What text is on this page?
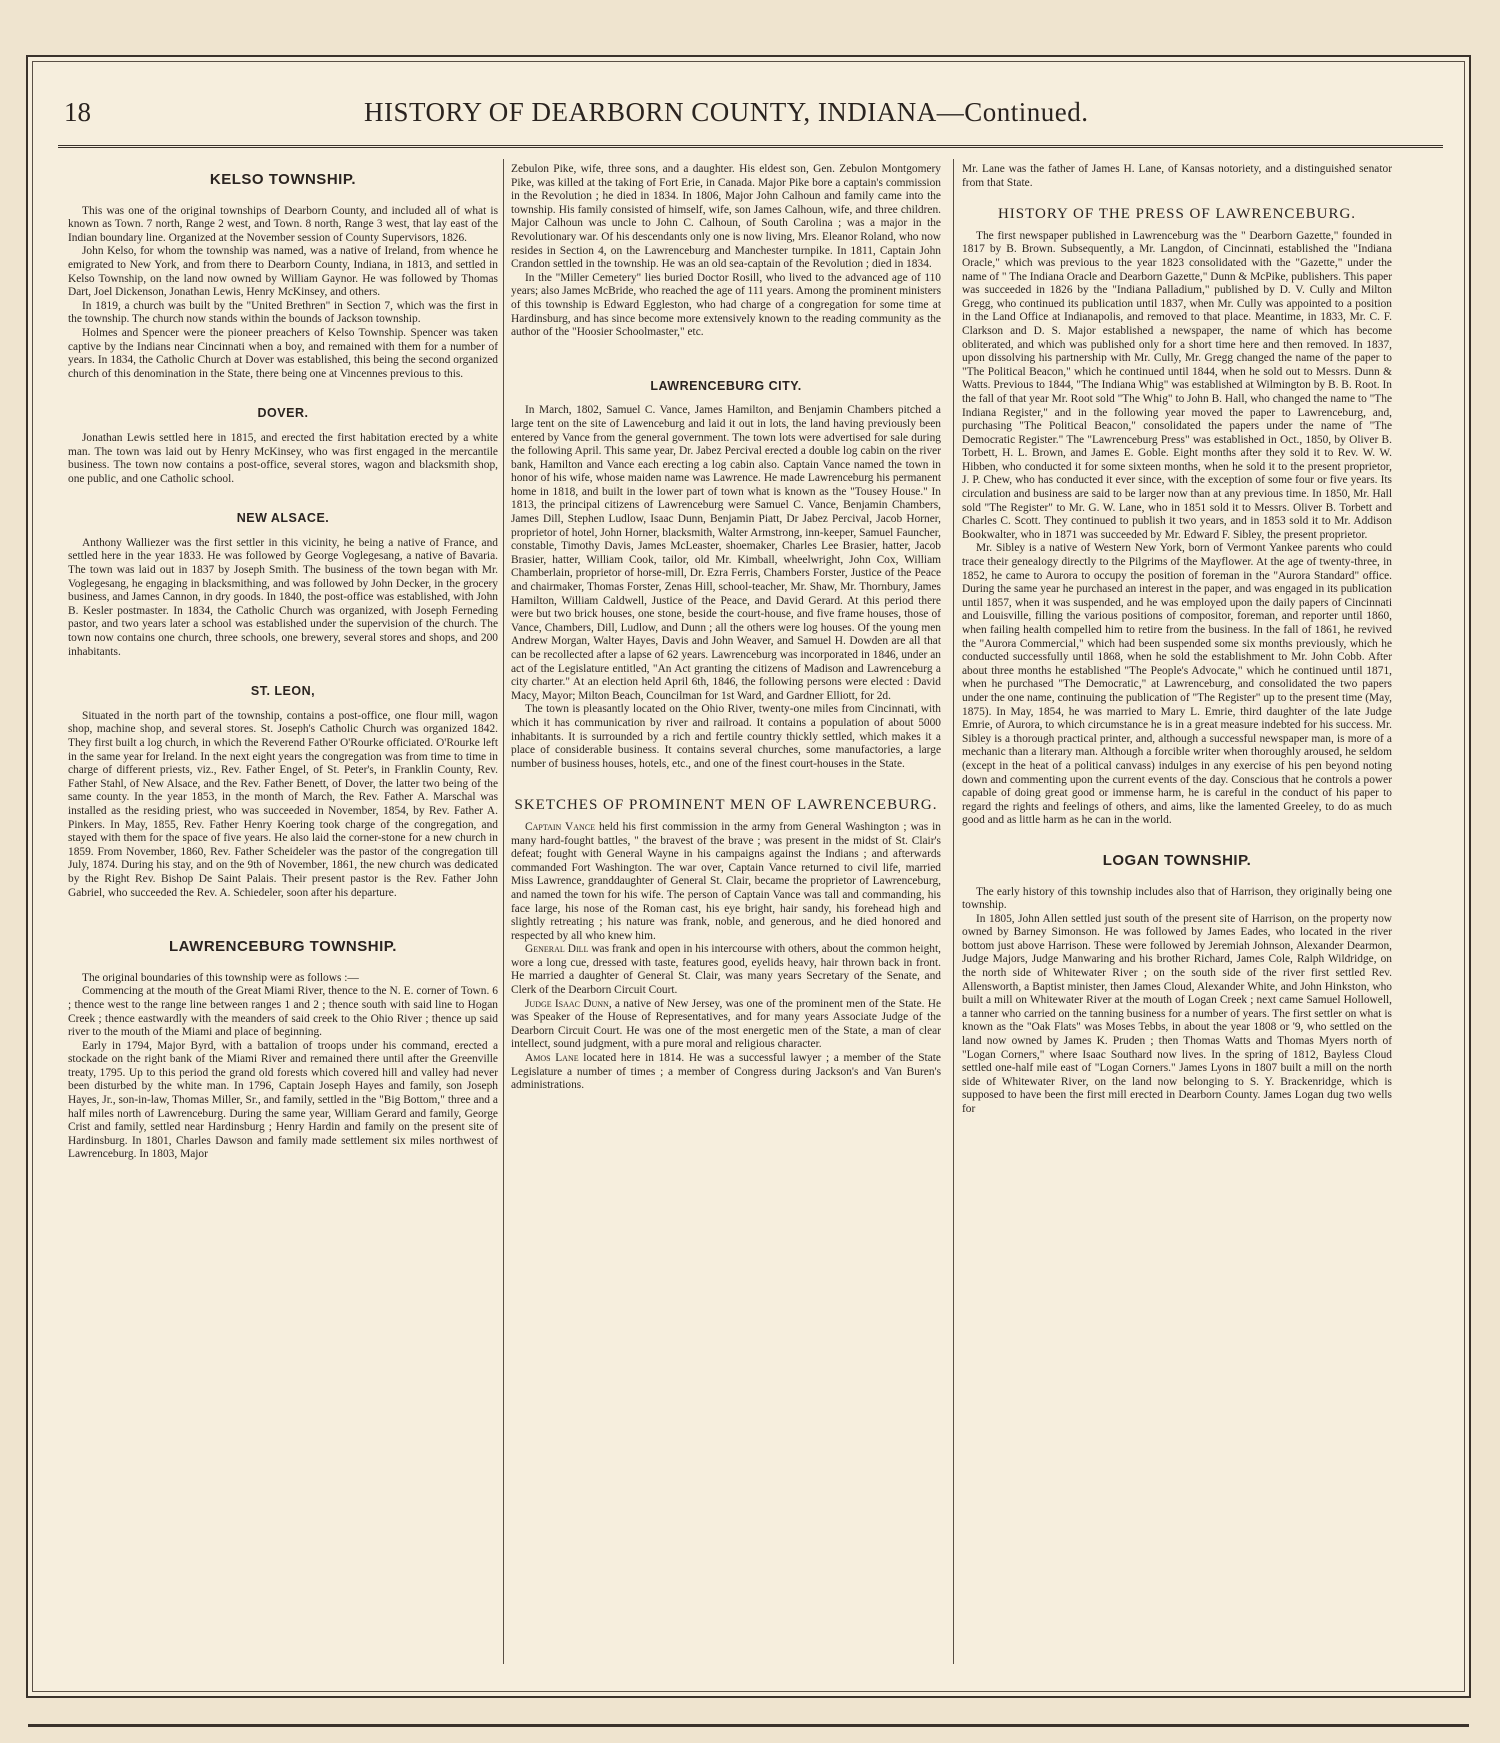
18	HISTORY OF DEARBORN COUNTY, INDIANA—Continued.
KELSO TOWNSHIP.

This was one of the original townships of Dearborn County, and included all of what is known as Town. 7 north, Range 2 west, and Town. 8 north, Range 3 west, that lay east of the Indian boundary line. Organized at the November session of County Supervisors, 1826.

John Kelso, for whom the township was named, was a native of Ireland, from whence he emigrated to New York, and from there to Dearborn County, Indiana, in 1813, and settled in Kelso Township, on the land now owned by William Gaynor. He was followed by Thomas Dart, Joel Dickenson, Jonathan Lewis, Henry McKinsey, and others.

In 1819, a church was built by the "United Brethren" in Section 7, which was the first in the township. The church now stands within the bounds of Jackson township.

Holmes and Spencer were the pioneer preachers of Kelso Township. Spencer was taken captive by the Indians near Cincinnati when a boy, and remained with them for a number of years. In 1834, the Catholic Church at Dover was established, this being the second organized church of this denomination in the State, there being one at Vincennes previous to this.

DOVER.

Jonathan Lewis settled here in 1815, and erected the first habitation erected by a white man. The town was laid out by Henry McKinsey, who was first engaged in the mercantile business. The town now contains a post-office, several stores, wagon and blacksmith shop, one public, and one Catholic school.

NEW ALSACE.

Anthony Walliezer was the first settler in this vicinity, he being a native of France, and settled here in the year 1833. He was followed by George Voglegesang, a native of Bavaria. The town was laid out in 1837 by Joseph Smith. The business of the town began with Mr. Voglegesang, he engaging in blacksmithing, and was followed by John Decker, in the grocery business, and James Cannon, in dry goods. In 1840, the post-office was established, with John B. Kesler postmaster. In 1834, the Catholic Church was organized, with Joseph Ferneding pastor, and two years later a school was established under the supervision of the church. The town now contains one church, three schools, one brewery, several stores and shops, and 200 inhabitants.

ST. LEON,

Situated in the north part of the township, contains a post-office, one flour mill, wagon shop, machine shop, and several stores. St. Joseph's Catholic Church was organized 1842. They first built a log church, in which the Reverend Father O'Rourke officiated. O'Rourke left in the same year for Ireland. In the next eight years the congregation was from time to time in charge of different priests, viz., Rev. Father Engel, of St. Peter's, in Franklin County, Rev. Father Stahl, of New Alsace, and the Rev. Father Benett, of Dover, the latter two being of the same county. In the year 1853, in the month of March, the Rev. Father A. Marschal was installed as the residing priest, who was succeeded in November, 1854, by Rev. Father A. Pinkers. In May, 1855, Rev. Father Henry Koering took charge of the congregation, and stayed with them for the space of five years. He also laid the corner-stone for a new church in 1859. From November, 1860, Rev. Father Scheideler was the pastor of the congregation till July, 1874. During his stay, and on the 9th of November, 1861, the new church was dedicated by the Right Rev. Bishop De Saint Palais. Their present pastor is the Rev. Father John Gabriel, who succeeded the Rev. A. Schiedeler, soon after his departure.

LAWRENCEBURG TOWNSHIP.

The original boundaries of this township were as follows :—

Commencing at the mouth of the Great Miami River, thence to the N. E. corner of Town. 6 ; thence west to the range line between ranges 1 and 2 ; thence south with said line to Hogan Creek ; thence eastwardly with the meanders of said creek to the Ohio River ; thence up said river to the mouth of the Miami and place of beginning.

Early in 1794, Major Byrd, with a battalion of troops under his command, erected a stockade on the right bank of the Miami River and remained there until after the Greenville treaty, 1795. Up to this period the grand old forests which covered hill and valley had never been disturbed by the white man. In 1796, Captain Joseph Hayes and family, son Joseph Hayes, Jr., son-in-law, Thomas Miller, Sr., and family, settled in the "Big Bottom," three and a half miles north of Lawrenceburg. During the same year, William Gerard and family, George Crist and family, settled near Hardinsburg ; Henry Hardin and family on the present site of Hardinsburg. In 1801, Charles Dawson and family made settlement six miles northwest of Lawrenceburg. In 1803, Major

Zebulon Pike, wife, three sons, and a daughter. His eldest son, Gen. Zebulon Montgomery Pike, was killed at the taking of Fort Erie, in Canada. Major Pike bore a captain's commission in the Revolution ; he died in 1834. In 1806, Major John Calhoun and family came into the township. His family consisted of himself, wife, son James Calhoun, wife, and three children. Major Calhoun was uncle to John C. Calhoun, of South Carolina ; was a major in the Revolutionary war. Of his descendants only one is now living, Mrs. Eleanor Roland, who now resides in Section 4, on the Lawrenceburg and Manchester turnpike. In 1811, Captain John Crandon settled in the township. He was an old sea-captain of the Revolution ; died in 1834.

In the "Miller Cemetery" lies buried Doctor Rosill, who lived to the advanced age of 110 years; also James McBride, who reached the age of 111 years. Among the prominent ministers of this township is Edward Eggleston, who had charge of a congregation for some time at Hardinsburg, and has since become more extensively known to the reading community as the author of the "Hoosier Schoolmaster," etc.

LAWRENCEBURG CITY.

In March, 1802, Samuel C. Vance, James Hamilton, and Benjamin Chambers pitched a large tent on the site of Lawenceburg and laid it out in lots, the land having previously been entered by Vance from the general government. The town lots were advertised for sale during the following April. This same year, Dr. Jabez Percival erected a double log cabin on the river bank, Hamilton and Vance each erecting a log cabin also. Captain Vance named the town in honor of his wife, whose maiden name was Lawrence. He made Lawrenceburg his permanent home in 1818, and built in the lower part of town what is known as the "Tousey House." In 1813, the principal citizens of Lawrenceburg were Samuel C. Vance, Benjamin Chambers, James Dill, Stephen Ludlow, Isaac Dunn, Benjamin Piatt, Dr Jabez Percival, Jacob Horner, proprietor of hotel, John Horner, blacksmith, Walter Armstrong, inn-keeper, Samuel Fauncher, constable, Timothy Davis, James McLeaster, shoemaker, Charles Lee Brasier, hatter, Jacob Brasier, hatter, William Cook, tailor, old Mr. Kimball, wheelwright, John Cox, William Chamberlain, proprietor of horse-mill, Dr. Ezra Ferris, Chambers Forster, Justice of the Peace and chairmaker, Thomas Forster, Zenas Hill, school-teacher, Mr. Shaw, Mr. Thornbury, James Hamilton, William Caldwell, Justice of the Peace, and David Gerard. At this period there were but two brick houses, one stone, beside the court-house, and five frame houses, those of Vance, Chambers, Dill, Ludlow, and Dunn ; all the others were log houses. Of the young men Andrew Morgan, Walter Hayes, Davis and John Weaver, and Samuel H. Dowden are all that can be recollected after a lapse of 62 years. Lawrenceburg was incorporated in 1846, under an act of the Legislature entitled, "An Act granting the citizens of Madison and Lawrenceburg a city charter." At an election held April 6th, 1846, the following persons were elected : David Macy, Mayor; Milton Beach, Councilman for 1st Ward, and Gardner Elliott, for 2d.

The town is pleasantly located on the Ohio River, twenty-one miles from Cincinnati, with which it has communication by river and railroad. It contains a population of about 5000 inhabitants. It is surrounded by a rich and fertile country thickly settled, which makes it a place of considerable business. It contains several churches, some manufactories, a large number of business houses, hotels, etc., and one of the finest court-houses in the State.

SKETCHES OF PROMINENT MEN OF LAWRENCEBURG.

Captain Vance held his first commission in the army from General Washington ; was in many hard-fought battles, " the bravest of the brave ; was present in the midst of St. Clair's defeat; fought with General Wayne in his campaigns against the Indians ; and afterwards commanded Fort Washington. The war over, Captain Vance returned to civil life, married Miss Lawrence, granddaughter of General St. Clair, became the proprietor of Lawrenceburg, and named the town for his wife. The person of Captain Vance was tall and commanding, his face large, his nose of the Roman cast, his eye bright, hair sandy, his forehead high and slightly retreating ; his nature was frank, noble, and generous, and he died honored and respected by all who knew him.

General Dill was frank and open in his intercourse with others, about the common height, wore a long cue, dressed with taste, features good, eyelids heavy, hair thrown back in front. He married a daughter of General St. Clair, was many years Secretary of the Senate, and Clerk of the Dearborn Circuit Court.

Judge Isaac Dunn, a native of New Jersey, was one of the prominent men of the State. He was Speaker of the House of Representatives, and for many years Associate Judge of the Dearborn Circuit Court. He was one of the most energetic men of the State, a man of clear intellect, sound judgment, with a pure moral and religious character.

Amos Lane located here in 1814. He was a successful lawyer ; a member of the State Legislature a number of times ; a member of Congress during Jackson's and Van Buren's administrations.

Mr. Lane was the father of James H. Lane, of Kansas notoriety, and a distinguished senator from that State.

HISTORY OF THE PRESS OF LAWRENCEBURG.

The first newspaper published in Lawrenceburg was the " Dearborn Gazette," founded in 1817 by B. Brown. Subsequently, a Mr. Langdon, of Cincinnati, established the "Indiana Oracle," which was previous to the year 1823 consolidated with the "Gazette," under the name of " The Indiana Oracle and Dearborn Gazette," Dunn & McPike, publishers. This paper was succeeded in 1826 by the "Indiana Palladium," published by D. V. Cully and Milton Gregg, who continued its publication until 1837, when Mr. Cully was appointed to a position in the Land Office at Indianapolis, and removed to that place. Meantime, in 1833, Mr. C. F. Clarkson and D. S. Major established a newspaper, the name of which has become obliterated, and which was published only for a short time here and then removed. In 1837, upon dissolving his partnership with Mr. Cully, Mr. Gregg changed the name of the paper to "The Political Beacon," which he continued until 1844, when he sold out to Messrs. Dunn & Watts. Previous to 1844, "The Indiana Whig" was established at Wilmington by B. B. Root. In the fall of that year Mr. Root sold "The Whig" to John B. Hall, who changed the name to "The Indiana Register," and in the following year moved the paper to Lawrenceburg, and, purchasing "The Political Beacon," consolidated the papers under the name of "The Democratic Register." The "Lawrenceburg Press" was established in Oct., 1850, by Oliver B. Torbett, H. L. Brown, and James E. Goble. Eight months after they sold it to Rev. W. W. Hibben, who conducted it for some sixteen months, when he sold it to the present proprietor, J. P. Chew, who has conducted it ever since, with the exception of some four or five years. Its circulation and business are said to be larger now than at any previous time. In 1850, Mr. Hall sold "The Register" to Mr. G. W. Lane, who in 1851 sold it to Messrs. Oliver B. Torbett and Charles C. Scott. They continued to publish it two years, and in 1853 sold it to Mr. Addison Bookwalter, who in 1871 was succeeded by Mr. Edward F. Sibley, the present proprietor.

Mr. Sibley is a native of Western New York, born of Vermont Yankee parents who could trace their genealogy directly to the Pilgrims of the Mayflower. At the age of twenty-three, in 1852, he came to Aurora to occupy the position of foreman in the "Aurora Standard" office. During the same year he purchased an interest in the paper, and was engaged in its publication until 1857, when it was suspended, and he was employed upon the daily papers of Cincinnati and Louisville, filling the various positions of compositor, foreman, and reporter until 1860, when failing health compelled him to retire from the business. In the fall of 1861, he revived the "Aurora Commercial," which had been suspended some six months previously, which he conducted successfully until 1868, when he sold the establishment to Mr. John Cobb. After about three months he established "The People's Advocate," which he continued until 1871, when he purchased "The Democratic," at Lawrenceburg, and consolidated the two papers under the one name, continuing the publication of "The Register" up to the present time (May, 1875). In May, 1854, he was married to Mary L. Emrie, third daughter of the late Judge Emrie, of Aurora, to which circumstance he is in a great measure indebted for his success. Mr. Sibley is a thorough practical printer, and, although a successful newspaper man, is more of a mechanic than a literary man. Although a forcible writer when thoroughly aroused, he seldom (except in the heat of a political canvass) indulges in any exercise of his pen beyond noting down and commenting upon the current events of the day. Conscious that he controls a power capable of doing great good or immense harm, he is careful in the conduct of his paper to regard the rights and feelings of others, and aims, like the lamented Greeley, to do as much good and as little harm as he can in the world.

LOGAN TOWNSHIP.

The early history of this township includes also that of Harrison, they originally being one township.

In 1805, John Allen settled just south of the present site of Harrison, on the property now owned by Barney Simonson. He was followed by James Eades, who located in the river bottom just above Harrison. These were followed by Jeremiah Johnson, Alexander Dearmon, Judge Majors, Judge Manwaring and his brother Richard, James Cole, Ralph Wildridge, on the north side of Whitewater River ; on the south side of the river first settled Rev. Allensworth, a Baptist minister, then James Cloud, Alexander White, and John Hinkston, who built a mill on Whitewater River at the mouth of Logan Creek ; next came Samuel Hollowell, a tanner who carried on the tanning business for a number of years. The first settler on what is known as the "Oak Flats" was Moses Tebbs, in about the year 1808 or '9, who settled on the land now owned by James K. Pruden ; then Thomas Watts and Thomas Myers north of "Logan Corners," where Isaac Southard now lives. In the spring of 1812, Bayless Cloud settled one-half mile east of "Logan Corners." James Lyons in 1807 built a mill on the north side of Whitewater River, on the land now belonging to S. Y. Brackenridge, which is supposed to have been the first mill erected in Dearborn County. James Logan dug two wells for
